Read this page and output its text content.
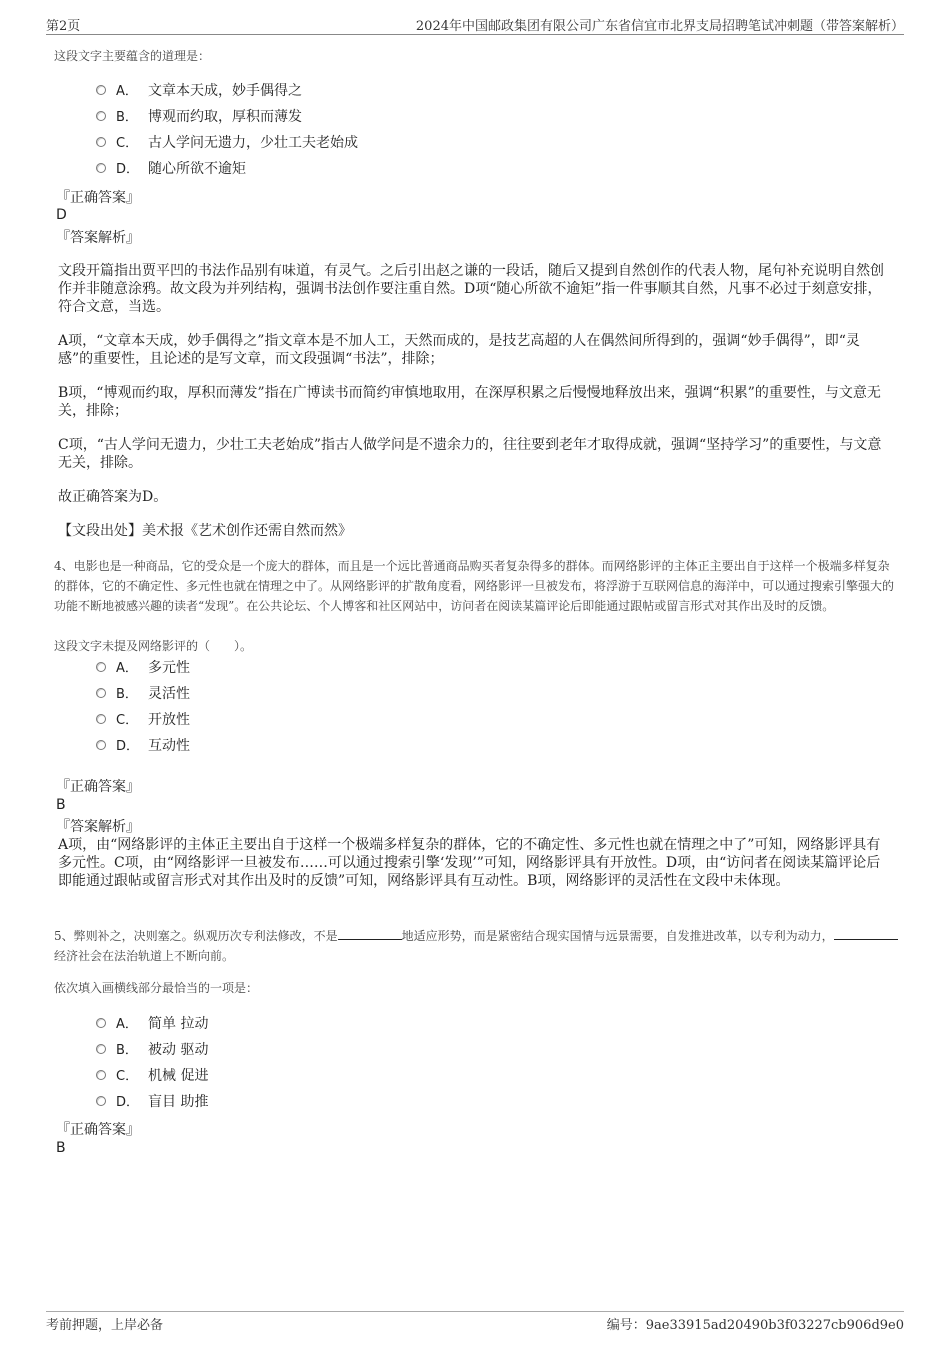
第2页	2024年中国邮政集团有限公司广东省信宜市北界支局招聘笔试冲刺题（带答案解析）
这段文字主要蕴含的道理是：
A． 文章本天成，妙手偶得之
B． 博观而约取，厚积而薄发
C． 古人学问无遗力，少壮工夫老始成
D． 随心所欲不逾矩
『正确答案』
D
『答案解析』
文段开篇指出贾平凹的书法作品别有味道，有灵气。之后引出赵之谦的一段话，随后又提到自然创作的代表人物，尾句补充说明自然创作并非随意涂鸦。故文段为并列结构，强调书法创作要注重自然。D项“随心所欲不逾矩”指一件事顺其自然，凡事不必过于刻意安排，符合文意，当选。
A项，“文章本天成，妙手偶得之”指文章本是不加人工，天然而成的，是技艺高超的人在偶然间所得到的，强调“妙手偶得”，即“灵感”的重要性，且论述的是写文章，而文段强调“书法”，排除；
B项，“博观而约取，厚积而薄发”指在广博读书而简约审慎地取用，在深厚积累之后慢慢地释放出来，强调“积累”的重要性，与文意无关，排除；
C项，“古人学问无遗力，少壮工夫老始成”指古人做学问是不遗余力的，往往要到老年才取得成就，强调“坚持学习”的重要性，与文意无关，排除。
故正确答案为D。
【文段出处】美术报《艺术创作还需自然而然》
4、电影也是一种商品，它的受众是一个庞大的群体，而且是一个远比普通商品购买者复杂得多的群体。而网络影评的主体正主要出自于这样一个极端多样复杂的群体，它的不确定性、多元性也就在情理之中了。从网络影评的扩散角度看，网络影评一旦被发布，将浮游于互联网信息的海洋中，可以通过搜索引擎强大的功能不断地被感兴趣的读者“发现”。在公共论坛、个人博客和社区网站中，访问者在阅读某篇评论后即能通过跟帖或留言形式对其作出及时的反馈。
这段文字未提及网络影评的（　　）。
A． 多元性
B． 灵活性
C． 开放性
D． 互动性
『正确答案』
B
『答案解析』
A项，由“网络影评的主体正主要出自于这样一个极端多样复杂的群体，它的不确定性、多元性也就在情理之中了”可知，网络影评具有多元性。C项，由“网络影评一旦被发布……可以通过搜索引擎‘发现’”可知，网络影评具有开放性。D项，由“访问者在阅读某篇评论后即能通过跟帖或留言形式对其作出及时的反馈”可知，网络影评具有互动性。B项，网络影评的灵活性在文段中未体现。
5、弊则补之，决则塞之。纵观历次专利法修改，不是	地适应形势，而是紧密结合现实国情与远景需要，自发推进改革，以专利为动力，经济社会在法治轨道上不断向前。
依次填入画横线部分最恰当的一项是：
A． 简单 拉动
B． 被动 驱动
C． 机械 促进
D． 盲目 助推
『正确答案』
B
考前押题，上岸必备	编号：9ae33915ad20490b3f03227cb906d9e0
